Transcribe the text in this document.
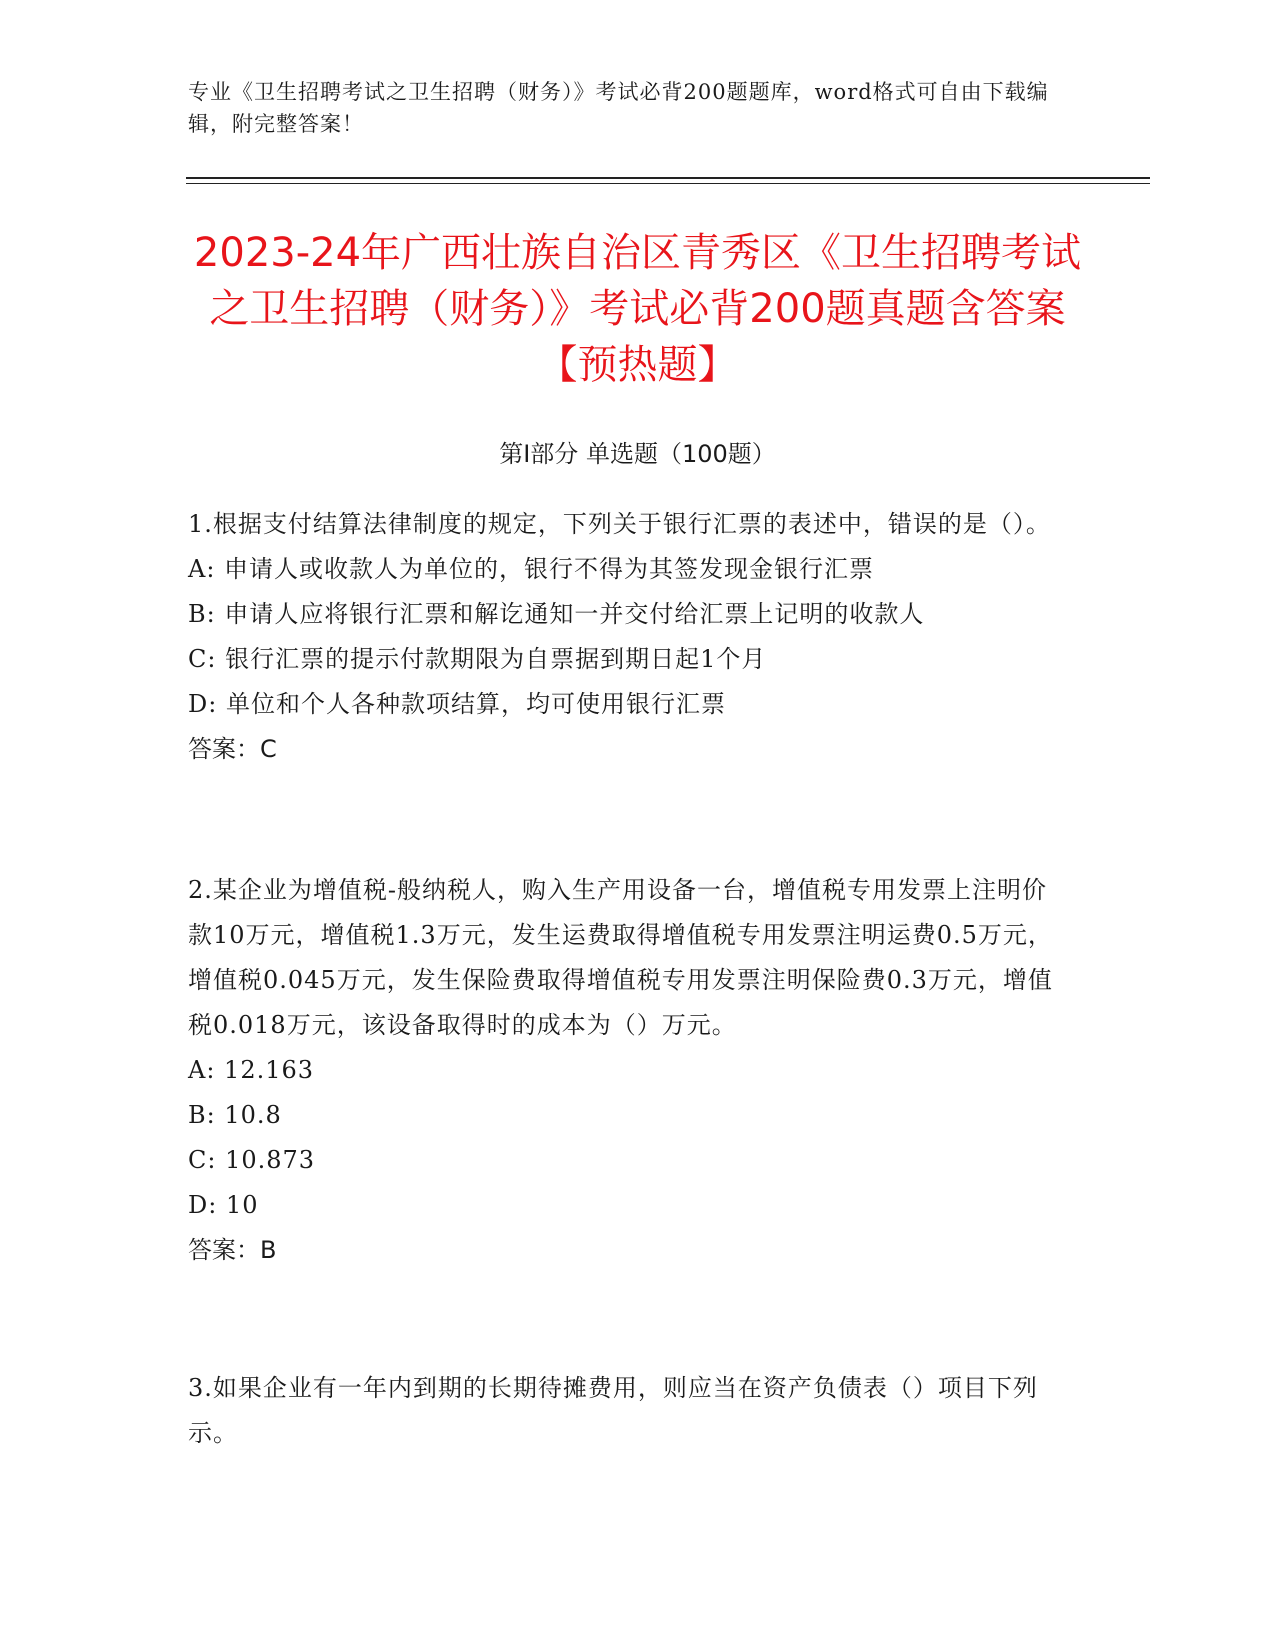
专业《卫生招聘考试之卫生招聘（财务）》考试必背200题题库，word格式可自由下载编辑，附完整答案！
2023-24年广西壮族自治区青秀区《卫生招聘考试之卫生招聘（财务）》考试必背200题真题含答案【预热题】
第I部分 单选题（100题）
1.根据支付结算法律制度的规定，下列关于银行汇票的表述中，错误的是（）。
A: 申请人或收款人为单位的，银行不得为其签发现金银行汇票
B: 申请人应将银行汇票和解讫通知一并交付给汇票上记明的收款人
C: 银行汇票的提示付款期限为自票据到期日起1个月
D: 单位和个人各种款项结算，均可使用银行汇票
答案：C
2.某企业为增值税-般纳税人，购入生产用设备一台，增值税专用发票上注明价款10万元，增值税1.3万元，发生运费取得增值税专用发票注明运费0.5万元，增值税0.045万元，发生保险费取得增值税专用发票注明保险费0.3万元，增值税0.018万元，该设备取得时的成本为（）万元。
A: 12.163
B: 10.8
C: 10.873
D: 10
答案：B
3.如果企业有一年内到期的长期待摊费用，则应当在资产负债表（）项目下列示。
